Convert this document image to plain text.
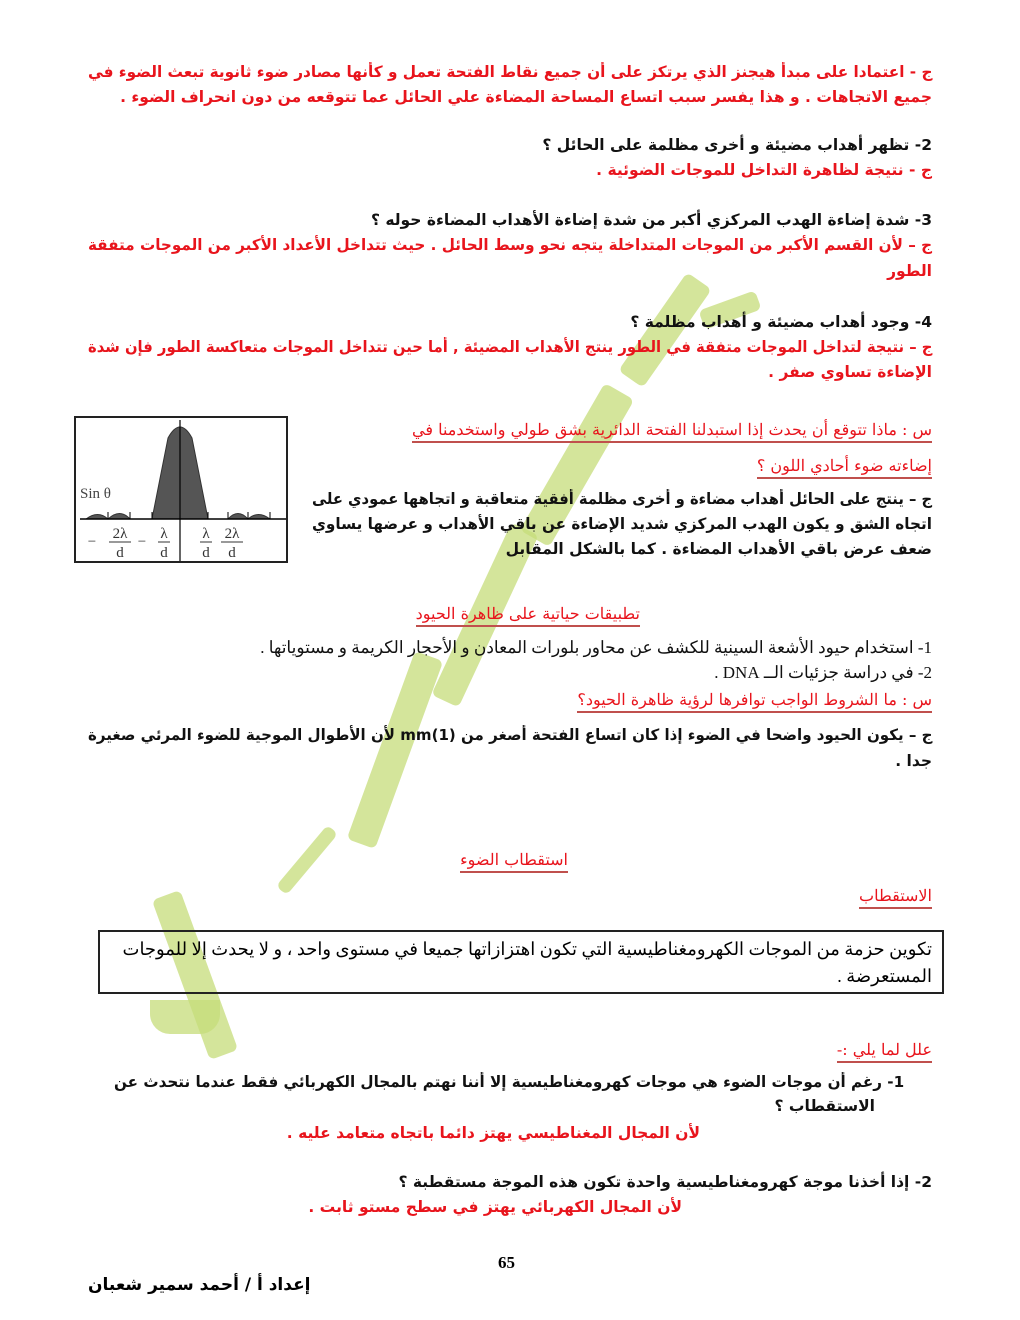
ج - اعتمادا على مبدأ هيجنز الذي يرتكز على أن جميع نقاط الفتحة تعمل و كأنها مصادر ضوء ثانوية تبعث الضوء في
جميع الاتجاهات . و هذا يفسر سبب اتساع المساحة المضاءة علي الحائل عما تتوقعه من دون انحراف الضوء .
2- تظهر أهداب مضيئة و أخرى مظلمة على الحائل ؟
ج - نتيجة لظاهرة التداخل للموجات الضوئية .
3- شدة إضاءة الهدب المركزي أكبر من شدة إضاءة الأهداب المضاءة حوله ؟
ج – لأن القسم الأكبر من الموجات المتداخلة يتجه نحو وسط الحائل . حيث تتداخل الأعداد الأكبر من الموجات متفقة
الطور
4- وجود أهداب مضيئة و أهداب مظلمة ؟
ج – نتيجة لتداخل الموجات متفقة في الطور ينتج الأهداب المضيئة , أما حين تتداخل الموجات متعاكسة الطور فإن شدة
الإضاءة تساوي صفر .
س : ماذا تتوقع أن يحدث إذا استبدلنا الفتحة الدائرية بشق طولي واستخدمنا في
إضاءته ضوء أحادي اللون ؟
ج – ينتج على الحائل أهداب مضاءة و أخرى مظلمة أفقية متعاقبة و اتجاهها عمودي على
اتجاه الشق و يكون الهدب المركزي شديد الإضاءة عن باقي الأهداب و عرضها يساوي
ضعف عرض باقي الأهداب المضاءة . كما بالشكل المقابل
Sin θ
− 2λ
d
− λ
d
λ
d
2λ
d
تطبيقات حياتية على ظاهرة الحيود
1- استخدام حيود الأشعة السينية للكشف عن محاور بلورات المعادن و الأحجار الكريمة و مستوياتها .
2- في دراسة جزئيات الــ DNA .
س : ما الشروط الواجب توافرها لرؤية ظاهرة الحيود؟
ج – يكون الحيود واضحا في الضوء إذا كان اتساع الفتحة أصغر من (1)mm لأن الأطوال الموجية للضوء المرئي صغيرة
جدا .
استقطاب الضوء
الاستقطاب
تكوين حزمة من الموجات الكهرومغناطيسية التي تكون اهتزازاتها جميعا في مستوى واحد ، و لا يحدث إلا للموجات
المستعرضة .
علل لما يلي :-
1- رغم أن موجات الضوء هي موجات كهرومغناطيسية إلا أننا نهتم بالمجال الكهربائي فقط عندما نتحدث عن
الاستقطاب ؟
لأن المجال المغناطيسي يهتز دائما باتجاه متعامد عليه .
2- إذا أخذنا موجة كهرومغناطيسية واحدة تكون هذه الموجة مستقطبة ؟
لأن المجال الكهربائي يهتز في سطح مستو ثابت .
65
إعداد أ / أحمد سمير شعبان
